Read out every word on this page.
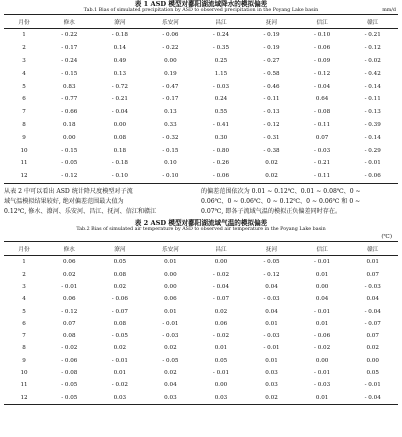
表 1 ASD 模型对鄱阳湖流域降水的模拟偏差
Tab.1 Bias of simulated precipitation by ASD to observed precipitation in the Poyang Lake basin	mm/d
月份	修水	潦河	乐安河	昌江	抚河	信江	赣江
1	- 0.22	- 0.18	- 0.06	- 0.24	- 0.19	- 0.10	- 0.21
2	- 0.17	0.14	- 0.22	- 0.35	- 0.19	- 0.06	- 0.12
3	- 0.24	0.49	0.00	0.25	- 0.27	- 0.09	- 0.02
4	- 0.15	0.13	0.19	1.15	- 0.58	- 0.12	- 0.42
5	0.83	- 0.72	- 0.47	- 0.03	- 0.46	- 0.04	- 0.14
6	- 0.77	- 0.21	- 0.17	0.24	- 0.11	0.64	- 0.11
7	- 0.66	- 0.04	0.13	0.55	- 0.13	- 0.08	- 0.13
8	0.18	0.00	0.33	- 0.41	- 0.12	- 0.11	- 0.39
9	0.00	0.08	- 0.32	0.30	- 0.31	0.07	- 0.14
10	- 0.15	0.18	- 0.15	- 0.80	- 0.38	- 0.03	- 0.29
11	- 0.05	- 0.18	0.10	- 0.26	0.02	- 0.21	- 0.01
12	- 0.12	- 0.10	- 0.10	- 0.06	0.02	- 0.11	- 0.06

从表 2 中可以看出 ASD 统计降尺度模型对子流

域气温模拟结果较好, 绝对偏差范围最大值为

0.12℃, 修水、潦河、乐安河、昌江、抚河、信江和赣江

的偏差范围依次为 0.01 ~ 0.12℃、0.01 ~ 0.08℃、0 ~

0.06℃、0 ~ 0.06℃、0 ~ 0.12℃、0 ~ 0.06℃ 和 0 ~

0.07℃, 即各子流域气温的模拟正负偏差同时存在。

表 2 ASD 模型对鄱阳湖流域气温的模拟偏差
Tab.2 Bias of simulated air temperature by ASD to observed air temperature in the Poyang Lake basin
(℃)
月份	修水	潦河	乐安河	昌江	抚河	信江	赣江
1	0.06	0.05	0.01	0.00	- 0.05	- 0.01	0.01
2	0.02	0.08	0.00	- 0.02	- 0.12	0.01	0.07
3	- 0.01	0.02	0.00	- 0.04	0.04	0.00	- 0.03
4	0.06	- 0.06	0.06	- 0.07	- 0.03	0.04	0.04
5	- 0.12	- 0.07	0.01	0.02	0.04	- 0.01	- 0.04
6	0.07	0.08	- 0.01	0.06	0.01	0.01	- 0.07
7	0.08	- 0.05	- 0.03	- 0.02	- 0.03	- 0.06	0.07
8	- 0.02	0.02	0.02	0.01	- 0.01	- 0.02	0.02
9	- 0.06	- 0.01	- 0.05	0.05	0.01	0.00	0.00
10	- 0.08	0.01	0.02	- 0.01	0.03	- 0.01	0.05
11	- 0.05	- 0.02	0.04	0.00	0.03	- 0.03	- 0.01
12	- 0.05	0.03	0.03	0.03	0.02	0.01	- 0.04
